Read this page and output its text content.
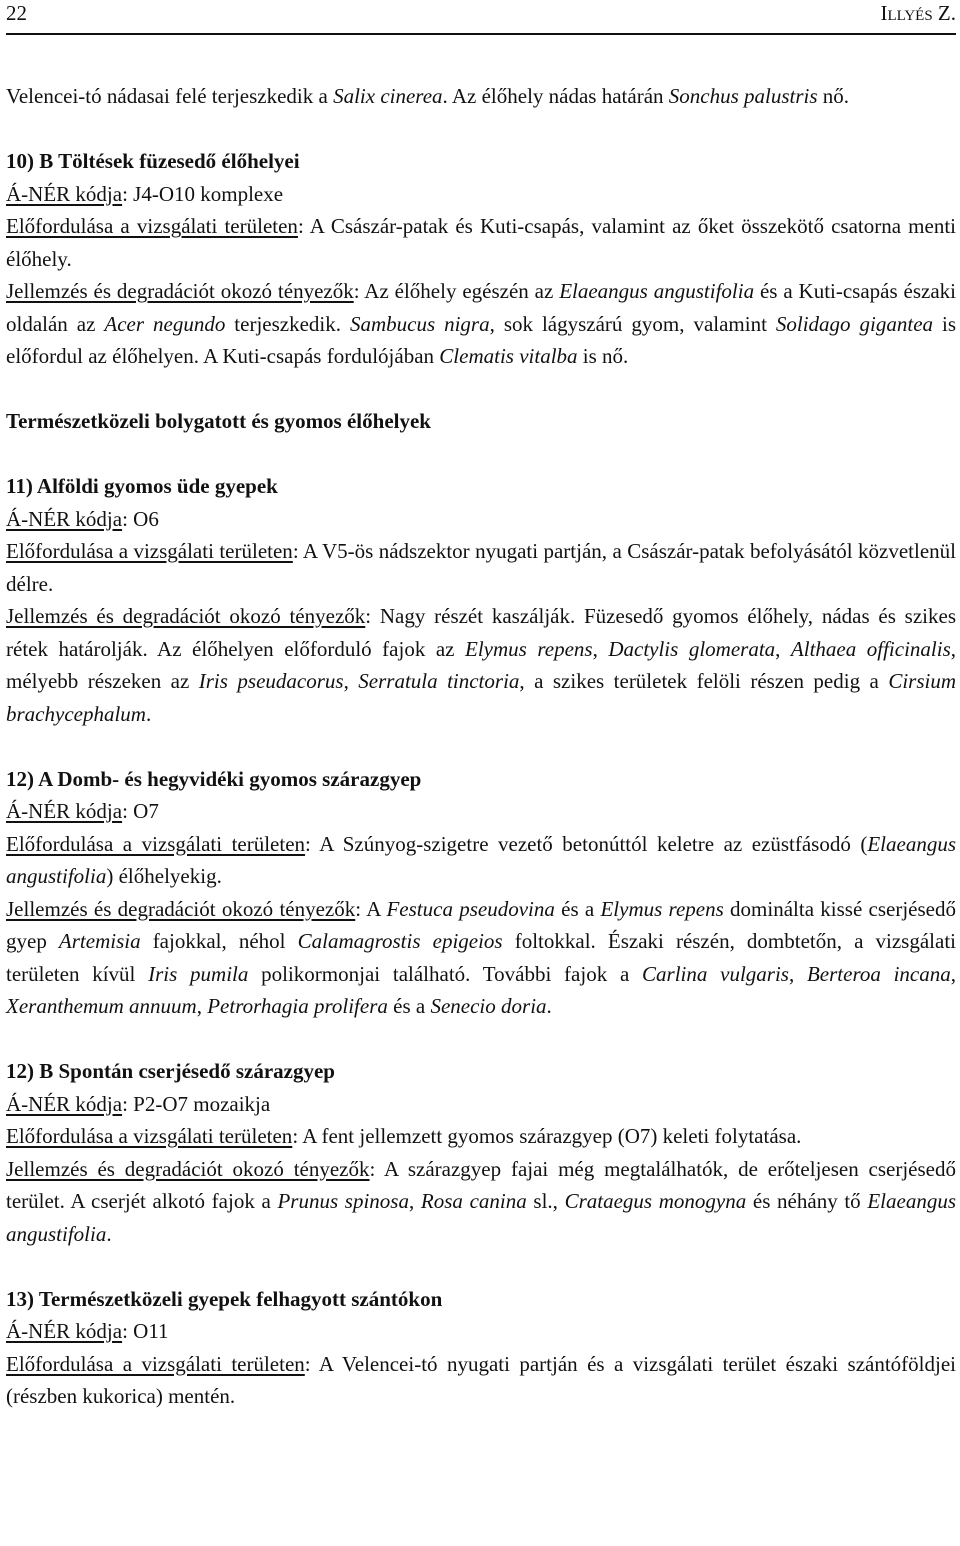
22	Illyés Z.

Velencei-tó nádasai felé terjeszkedik a Salix cinerea. Az élőhely nádas határán Sonchus palustris nő.

10) B Töltések füzesedő élőhelyei

Á-NÉR kódja: J4-O10 komplexe

Előfordulása a vizsgálati területen: A Császár-patak és Kuti-csapás, valamint az őket összekötő csatorna menti élőhely.

Jellemzés és degradációt okozó tényezők: Az élőhely egészén az Elaeangus angustifolia és a Kuti-csapás északi oldalán az Acer negundo terjeszkedik. Sambucus nigra, sok lágyszárú gyom, valamint Solidago gigantea is előfordul az élőhelyen. A Kuti-csapás fordulójában Clematis vitalba is nő.

Természetközeli bolygatott és gyomos élőhelyek

11) Alföldi gyomos üde gyepek

Á-NÉR kódja: O6

Előfordulása a vizsgálati területen: A V5-ös nádszektor nyugati partján, a Császár-patak befolyásától közvetlenül délre.

Jellemzés és degradációt okozó tényezők: Nagy részét kaszálják. Füzesedő gyomos élőhely, nádas és szikes rétek határolják. Az élőhelyen előforduló fajok az Elymus repens, Dactylis glomerata, Althaea officinalis, mélyebb részeken az Iris pseudacorus, Serratula tinctoria, a szikes területek felöli részen pedig a Cirsium brachycephalum.

12) A Domb- és hegyvidéki gyomos szárazgyep

Á-NÉR kódja: O7

Előfordulása a vizsgálati területen: A Szúnyog-szigetre vezető betonúttól keletre az ezüstfásodó (Elaeangus angustifolia) élőhelyekig.

Jellemzés és degradációt okozó tényezők: A Festuca pseudovina és a Elymus repens dominálta kissé cserjésedő gyep Artemisia fajokkal, néhol Calamagrostis epigeios foltokkal. Északi részén, dombtetőn, a vizsgálati területen kívül Iris pumila polikormonjai található. További fajok a Carlina vulgaris, Berteroa incana, Xeranthemum annuum, Petrorhagia prolifera és a Senecio doria.

12) B Spontán cserjésedő szárazgyep

Á-NÉR kódja: P2-O7 mozaikja

Előfordulása a vizsgálati területen: A fent jellemzett gyomos szárazgyep (O7) keleti folytatása.

Jellemzés és degradációt okozó tényezők: A szárazgyep fajai még megtalálhatók, de erőteljesen cserjésedő terület. A cserjét alkotó fajok a Prunus spinosa, Rosa canina sl., Crataegus monogyna és néhány tő Elaeangus angustifolia.

13) Természetközeli gyepek felhagyott szántókon

Á-NÉR kódja: O11

Előfordulása a vizsgálati területen: A Velencei-tó nyugati partján és a vizsgálati terület északi szántóföldjei (részben kukorica) mentén.
